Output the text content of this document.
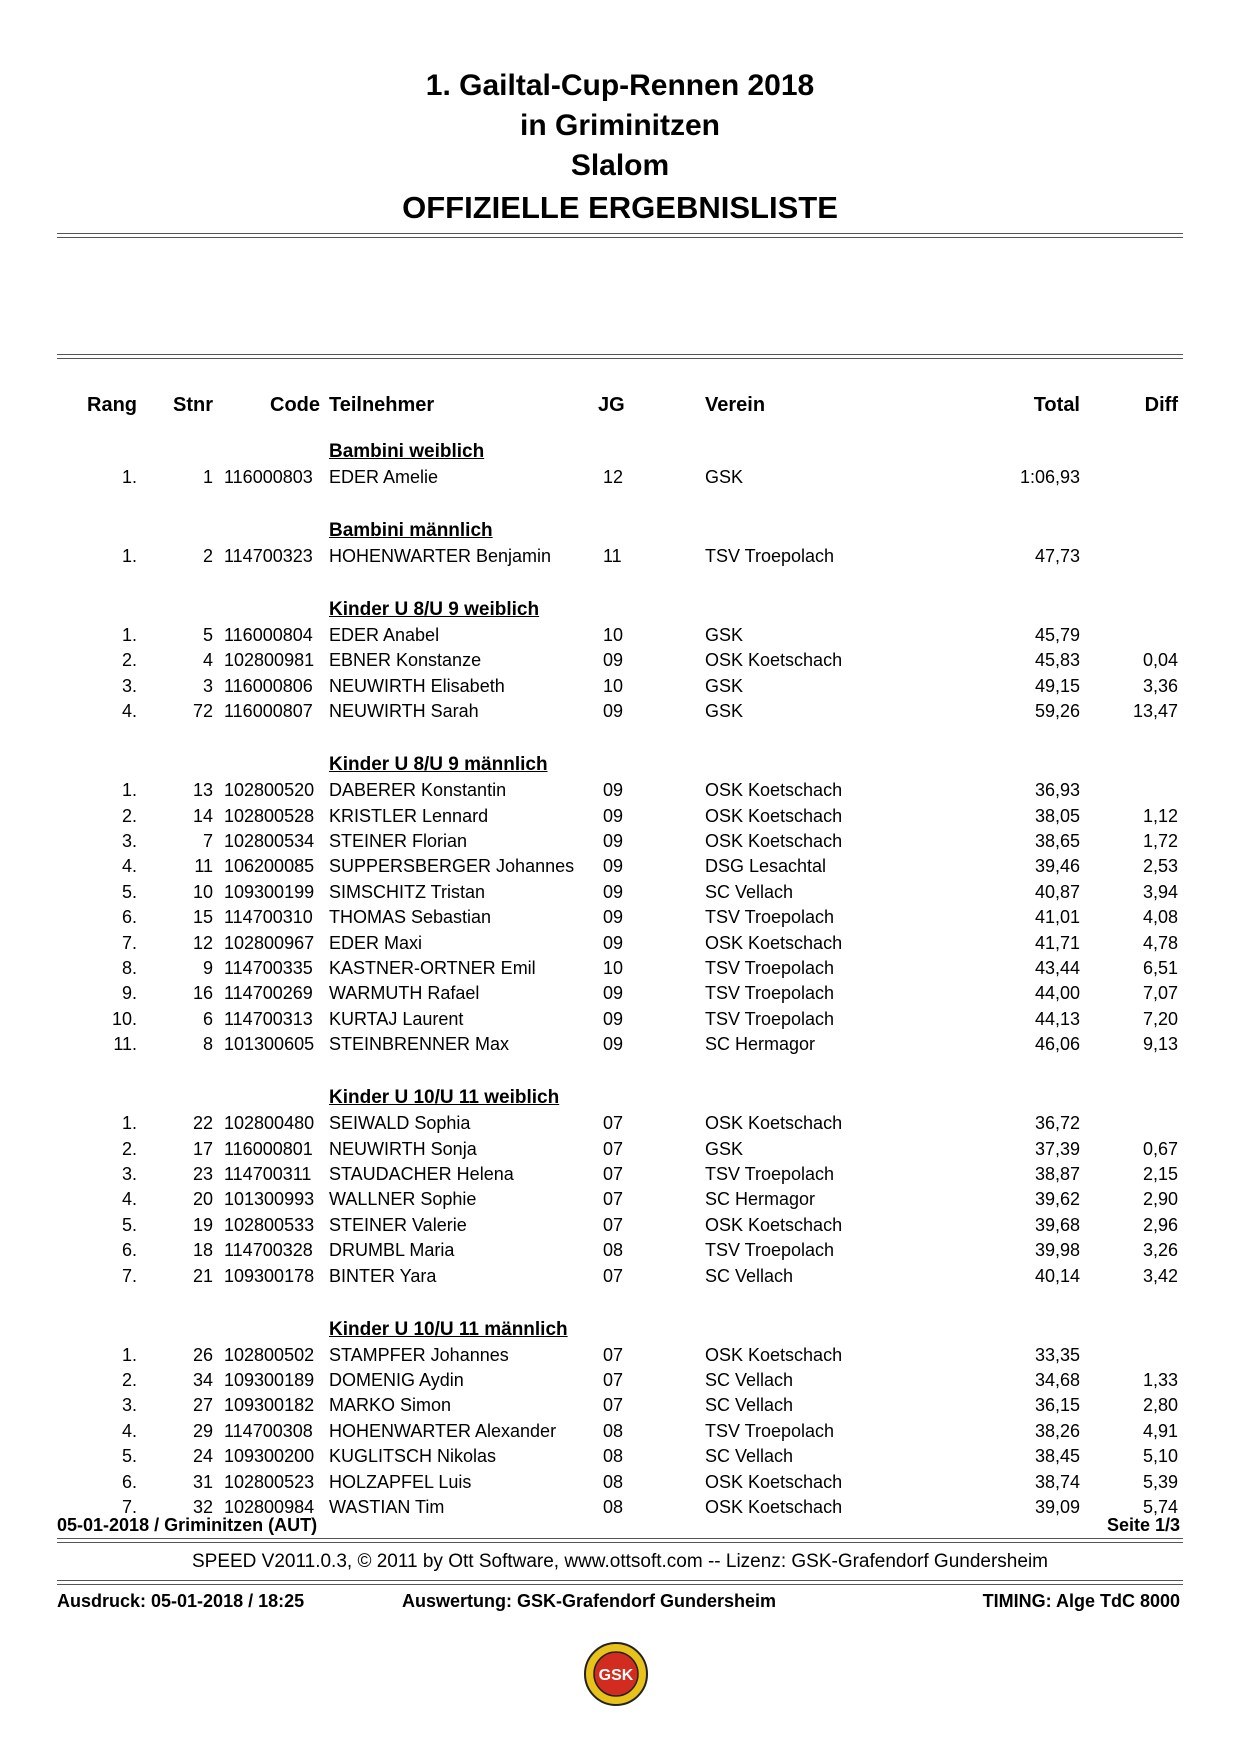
1. Gailtal-Cup-Rennen 2018
in Griminitzen
Slalom
OFFIZIELLE ERGEBNISLISTE
Rang	Stnr	Code Teilnehmer	JG	Verein	Total	Diff
Bambini weiblich
1.	1 116000803 EDER Amelie	12	GSK	1:06,93
Bambini männlich
1.	2 114700323 HOHENWARTER Benjamin	11	TSV Troepolach	47,73
Kinder U 8/U 9 weiblich
1.	5 116000804 EDER Anabel	10	GSK	45,79
2.	4 102800981 EBNER Konstanze	09	OSK Koetschach	45,83	0,04
3.	3 116000806 NEUWIRTH Elisabeth	10	GSK	49,15	3,36
4.	72 116000807 NEUWIRTH Sarah	09	GSK	59,26	13,47
Kinder U 8/U 9 männlich
1.	13 102800520 DABERER Konstantin	09	OSK Koetschach	36,93
2.	14 102800528 KRISTLER Lennard	09	OSK Koetschach	38,05	1,12
3.	7 102800534 STEINER Florian	09	OSK Koetschach	38,65	1,72
4.	11 106200085 SUPPERSBERGER Johannes 09	DSG Lesachtal	39,46	2,53
5.	10 109300199 SIMSCHITZ Tristan	09	SC Vellach	40,87	3,94
6.	15 114700310 THOMAS Sebastian	09	TSV Troepolach	41,01	4,08
7.	12 102800967 EDER Maxi	09	OSK Koetschach	41,71	4,78
8.	9 114700335 KASTNER-ORTNER Emil	10	TSV Troepolach	43,44	6,51
9.	16 114700269 WARMUTH Rafael	09	TSV Troepolach	44,00	7,07
10.	6 114700313 KURTAJ Laurent	09	TSV Troepolach	44,13	7,20
11.	8 101300605 STEINBRENNER Max	09	SC Hermagor	46,06	9,13
Kinder U 10/U 11 weiblich
1.	22 102800480 SEIWALD Sophia	07	OSK Koetschach	36,72
2.	17 116000801 NEUWIRTH Sonja	07	GSK	37,39	0,67
3.	23 114700311 STAUDACHER Helena	07	TSV Troepolach	38,87	2,15
4.	20 101300993 WALLNER Sophie	07	SC Hermagor	39,62	2,90
5.	19 102800533 STEINER Valerie	07	OSK Koetschach	39,68	2,96
6.	18 114700328 DRUMBL Maria	08	TSV Troepolach	39,98	3,26
7.	21 109300178 BINTER Yara	07	SC Vellach	40,14	3,42
Kinder U 10/U 11 männlich
1.	26 102800502 STAMPFER Johannes	07	OSK Koetschach	33,35
2.	34 109300189 DOMENIG Aydin	07	SC Vellach	34,68	1,33
3.	27 109300182 MARKO Simon	07	SC Vellach	36,15	2,80
4.	29 114700308 HOHENWARTER Alexander	08	TSV Troepolach	38,26	4,91
5.	24 109300200 KUGLITSCH Nikolas	08	SC Vellach	38,45	5,10
6.	31 102800523 HOLZAPFEL Luis	08	OSK Koetschach	38,74	5,39
7.	32 102800984 WASTIAN Tim	08	OSK Koetschach	39,09	5,74
05-01-2018 / Griminitzen (AUT)	Seite 1/3
SPEED V2011.0.3, © 2011 by Ott Software, www.ottsoft.com -- Lizenz: GSK-Grafendorf Gundersheim
Ausdruck: 05-01-2018 / 18:25	Auswertung: GSK-Grafendorf Gundersheim	TIMING: Alge TdC 8000
GSK
